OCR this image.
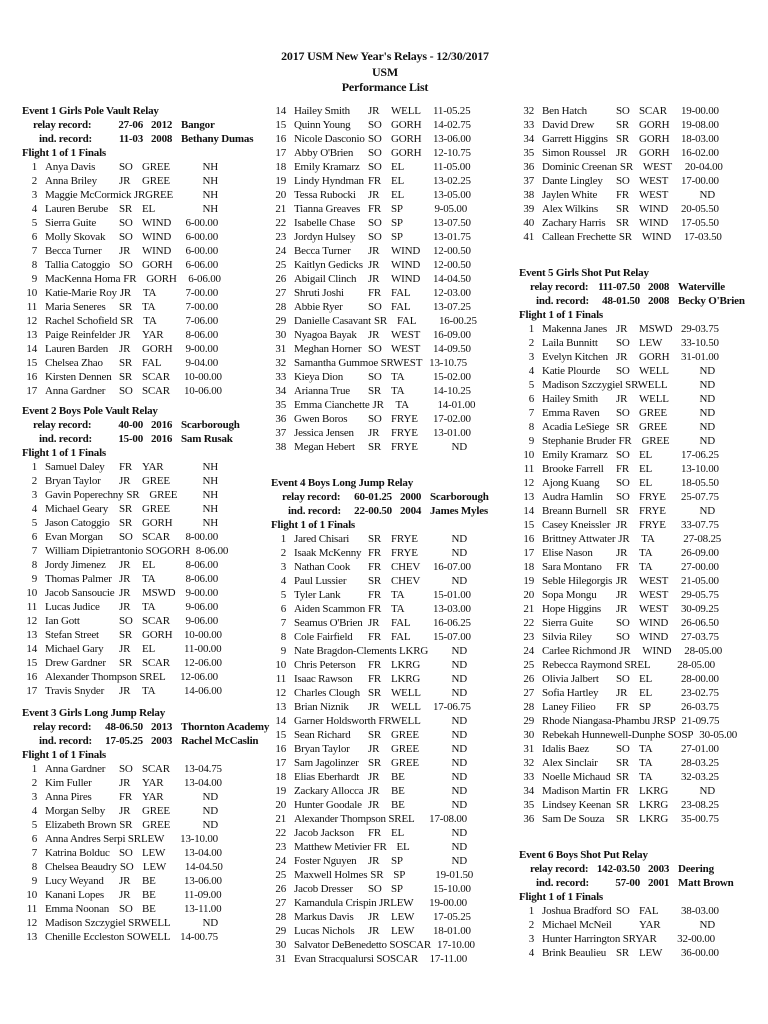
2017 USM New Year's Relays - 12/30/2017
USM
Performance List
Event 1 Girls Pole Vault Relay
relay record:	27-06 2012 Bangor
ind. record:	11-03 2008 Bethany Dumas
Flight 1 of 1 Finals
1 Anya Davis	SO GREE	NH
2 Anna Briley	JR	GREE	NH
3 Maggie McCormick JRGREE	NH
4 Lauren Berube SR EL	NH
5 Sierra Guite	SO WIND	6-00.00
6 Molly Skovak	SO WIND	6-00.00
7 Becca Turner	JR	WIND	6-00.00
8 Tallia Catoggio SO GORH	6-06.00
9 MacKenna Homa FR GORH	6-06.00
10 Katie-Marie Roy JR	TA	7-00.00
11 Maria Seneres	SR TA	7-00.00
12 Rachel Schofield SR TA	7-06.00
13 Paige Reinfelder JR	YAR	8-06.00
14 Lauren Barden JR	GORH	9-00.00
15 Chelsea Zhao	SR FAL	9-04.00
16 Kirsten Dennen SR SCAR	10-00.00
17 Anna Gardner	SO SCAR	10-06.00
Event 2 Boys Pole Vault Relay
relay record:	40-00 2016 Scarborough
ind. record:	15-00 2016 Sam Rusak
Flight 1 of 1 Finals
1 Samuel Daley	FR YAR	NH
2 Bryan Taylor	JR	GREE	NH
3 Gavin Poperechny SR GREE	NH
4 Michael Geary SR GREE	NH
5 Jason Catoggio SR GORH	NH
6 Evan Morgan	SO SCAR	8-00.00
7 William Dipietrantonio SOGORH 8-06.00
8 Jordy Jimenez	JR	EL	8-06.00
9 Thomas Palmer JR	TA	8-06.00
10 Jacob Sansoucie JR	MSWD 9-00.00
11 Lucas Judice	JR	TA	9-06.00
12 Ian Gott	SO SCAR	9-06.00
13 Stefan Street	SR GORH	10-00.00
14 Michael Gary	JR	EL	11-00.00
15 Drew Gardner	SR SCAR	12-06.00
16 Alexander Thompson SREL	12-06.00
17 Travis Snyder	JR	TA	14-06.00
Event 3 Girls Long Jump Relay
relay record:	48-06.50 2013 Thornton Academy
ind. record:	17-05.25 2003 Rachel McCaslin
Flight 1 of 1 Finals
1 Anna Gardner	SO SCAR	13-04.75
2 Kim Fuller	JR	YAR	13-04.00
3 Anna Pires	FR YAR	ND
4 Morgan Selby	JR	GREE	ND
5 Elizabeth Brown SR GREE	ND
6 Anna Andres Serpi SRLEW	13-10.00
7 Katrina Bolduc SO LEW	13-04.00
8 Chelsea Beaudry SO LEW	14-04.50
9 Lucy Weyand	JR	BE	13-06.00
10 Kanani Lopes	JR	BE	11-09.00
11 Emma Noonan SO BE	13-11.00
12 Madison Szczygiel SRWELL	ND
13 Chenille Eccleston SOWELL 14-00.75
14 Hailey Smith	JR	WELL	11-05.25
15 Quinn Young	SO GORH	14-02.75
16 Nicole Dasconio SO GORH	13-06.00
17 Abby O'Brien	SO GORH	12-10.75
18 Emily Kramarz SO EL	11-05.00
19 Lindy Hyndman FR EL	13-02.25
20 Tessa Rubocki	JR	EL	13-05.00
21 Tianna Greaves FR SP	9-05.00
22 Isabelle Chase	SO SP	13-07.50
23 Jordyn Hulsey	SO SP	13-01.75
24 Becca Turner	JR	WIND	12-00.50
25 Kaitlyn Gedicks JR	WIND	12-00.50
26 Abigail Clinch	JR	WIND	14-04.50
27 Shruti Joshi	FR FAL	12-03.00
28 Abbie Ryer	SO FAL	13-07.25
29 Danielle Casavant SR FAL	16-00.25
30 Nyagoa Bayak	JR	WEST	16-09.00
31 Meghan Horner SO WEST	14-09.50
32 Samantha Gummoe SRWEST 13-10.75
33 Kieya Dion	SO TA	15-02.00
34 Arianna True	SR TA	14-10.25
35 Emma Cianchette JR	TA	14-01.00
36 Gwen Boros	SO FRYE	17-02.00
37 Jessica Jensen	JR	FRYE	13-01.00
38 Megan Hebert	SR FRYE	ND
Event 4 Boys Long Jump Relay
relay record:	60-01.25 2000 Scarborough
ind. record:	22-00.50 2004 James Myles
Flight 1 of 1 Finals
1 Jared Chisari	SR FRYE	ND
2 Isaak McKenny FR FRYE	ND
3 Nathan Cook	FR CHEV	16-07.00
4 Paul Lussier	SR CHEV	ND
5 Tyler Lank	FR TA	15-01.00
6 Aiden Scammon FR TA	13-03.00
7 Seamus O'Brien JR	FAL	16-06.25
8 Cole Fairfield	FR FAL	15-07.00
9 Nate Bragdon-Clements LKRG	ND
10 Chris Peterson	FR LKRG	ND
11 Isaac Rawson	FR LKRG	ND
12 Charles Clough SR WELL	ND
13 Brian Niznik	JR	WELL	17-06.75
14 Garner Holdsworth FRWELL	ND
15 Sean Richard	SR GREE	ND
16 Bryan Taylor	JR	GREE	ND
17 Sam Jagolinzer SR GREE	ND
18 Elias Eberhardt JR	BE	ND
19 Zackary Allocca JR	BE	ND
20 Hunter Goodale JR	BE	ND
21 Alexander Thompson SREL	17-08.00
22 Jacob Jackson	FR EL	ND
23 Matthew Metivier FR EL	ND
24 Foster Nguyen	JR	SP	ND
25 Maxwell Holmes SR SP	19-01.50
26 Jacob Dresser	SO SP	15-10.00
27 Kamandula Crispin JRLEW	19-00.00
28 Markus Davis	JR	LEW	17-05.25
29 Lucas Nichols	JR	LEW	18-01.00
30 Salvator DeBenedetto SOSCAR 17-10.00
31 Evan Stracqualursi SOSCAR	17-11.00
32 Ben Hatch	SO SCAR	19-00.00
33 David Drew	SR GORH	19-08.00
34 Garrett Higgins SR GORH	18-03.00
35 Simon Roussel JR	GORH	16-02.00
36 Dominic Creenan SR WEST	20-04.00
37 Dante Lingley	SO WEST	17-00.00
38 Jaylen White	FR WEST	ND
39 Alex Wilkins	SR WIND	20-05.50
40 Zachary Harris SR WIND	17-05.50
41 Callean Frechette SR WIND	17-03.50
Event 5 Girls Shot Put Relay
relay record: 111-07.50 2008 Waterville
ind. record:	48-01.50 2008 Becky O'Brien
Flight 1 of 1 Finals
1 Makenna Janes JR	MSWD 29-03.75
2 Laila Bunnitt	SO LEW	33-10.50
3 Evelyn Kitchen JR	GORH	31-01.00
4 Katie Plourde	SO WELL	ND
5 Madison Szczygiel SRWELL	ND
6 Hailey Smith	JR	WELL	ND
7 Emma Raven	SO GREE	ND
8 Acadia LeSiege SR GREE	ND
9 Stephanie Bruder FR GREE	ND
10 Emily Kramarz SO EL	17-06.25
11 Brooke Farrell	FR EL	13-10.00
12 Ajong Kuang	SO EL	18-05.50
13 Audra Hamlin	SO FRYE	25-07.75
14 Breann Burnell SR FRYE	ND
15 Casey Kneissler JR	FRYE	33-07.75
16 Brittney Attwater JR	TA	27-08.25
17 Elise Nason	JR	TA	26-09.00
18 Sara Montano	FR TA	27-00.00
19 Seble Hilegorgis JR	WEST	21-05.00
20 Sopa Mongu	JR	WEST	29-05.75
21 Hope Higgins	JR	WEST	30-09.25
22 Sierra Guite	SO WIND	26-06.50
23 Silvia Riley	SO WIND	27-03.75
24 Carlee Richmond JR	WIND	28-05.00
25 Rebecca Raymond SREL	28-05.00
26 Olivia Jalbert	SO EL	28-00.00
27 Sofia Hartley	JR	EL	23-02.75
28 Laney Filieo	FR SP	26-03.75
29 Rhode Niangasa-Phambu JRSP 21-09.75
30 Rebekah Hunnewell-Dunphe SOSP 30-05.00
31 Idalis Baez	SO TA	27-01.00
32 Alex Sinclair	SR TA	28-03.25
33 Noelle Michaud SR TA	32-03.25
34 Madison Martin FR LKRG	ND
35 Lindsey Keenan SR LKRG	23-08.25
36 Sam De Souza	SR LKRG	35-00.75
Event 6 Boys Shot Put Relay
relay record: 142-03.50 2003 Deering
ind. record:	57-00 2001 Matt Brown
Flight 1 of 1 Finals
1 Joshua Bradford SO FAL	38-03.00
2 Michael McNeil YAR	ND
3 Hunter Harrington SRYAR	32-00.00
4 Brink Beaulieu SR LEW	36-00.00
